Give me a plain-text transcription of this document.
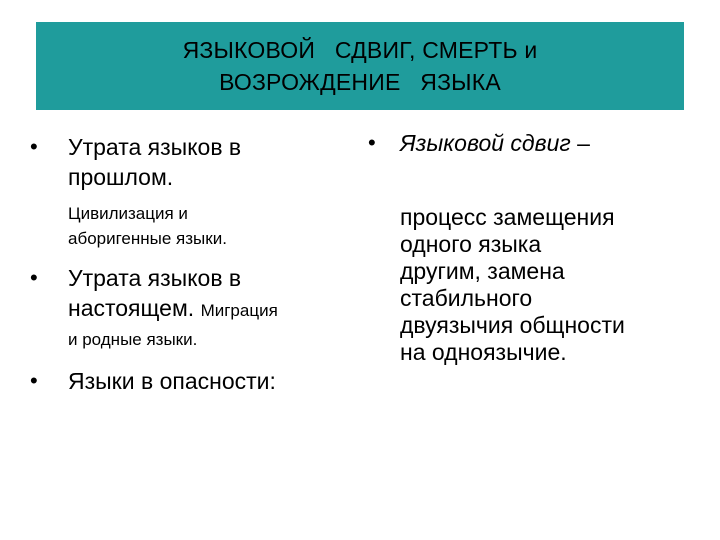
ЯЗЫКОВОЙ   СДВИГ, СМЕРТЬ и
ВОЗРОЖДЕНИЕ   ЯЗЫКА
•	Утрата языков в
прошлом.
Цивилизация и
аборигенные языки.
•	Утрата языков в
настоящем. Миграция
и родные языки.
•	Языки в опасности:
•	Языковой сдвиг –
процесс замещения
одного языка
другим, замена
стабильного
двуязычия общности
на одноязычие.
